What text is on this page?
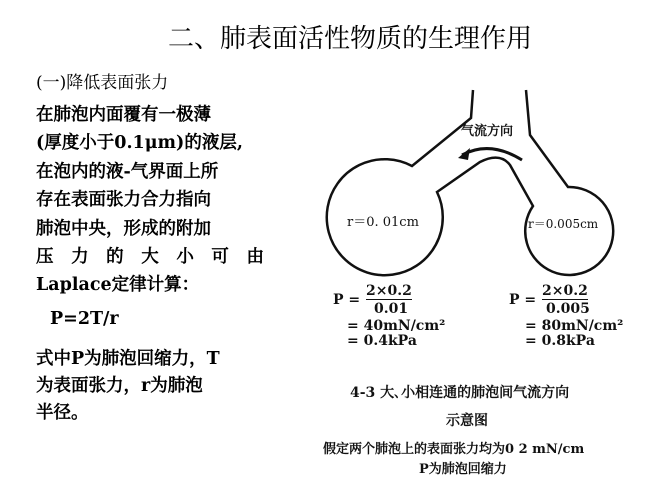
二、肺表面活性物质的生理作用
(一)降低表面张力
在肺泡内面覆有一极薄
(厚度小于0.1μm)的液层,
在泡内的液-气界面上所
存在表面张力合力指向
肺泡中央，形成的附加
压 力 的 大 小 可 由
Laplace定律计算：
P=2T/r
式中P为肺泡回缩力，T
为表面张力，r为肺泡
半径。
气流方向
r＝0. 01cm	r＝0.005cm
P =
2×0.2
0.01
= 40mN/cm²
= 0.4kPa
P =
2×0.2
0.005
= 80mN/cm²
= 0.8kPa
4-3 大､小相连通的肺泡间气流方向
示意图
假定两个肺泡上的表面张力均为0 2 mN/cm
P为肺泡回缩力
